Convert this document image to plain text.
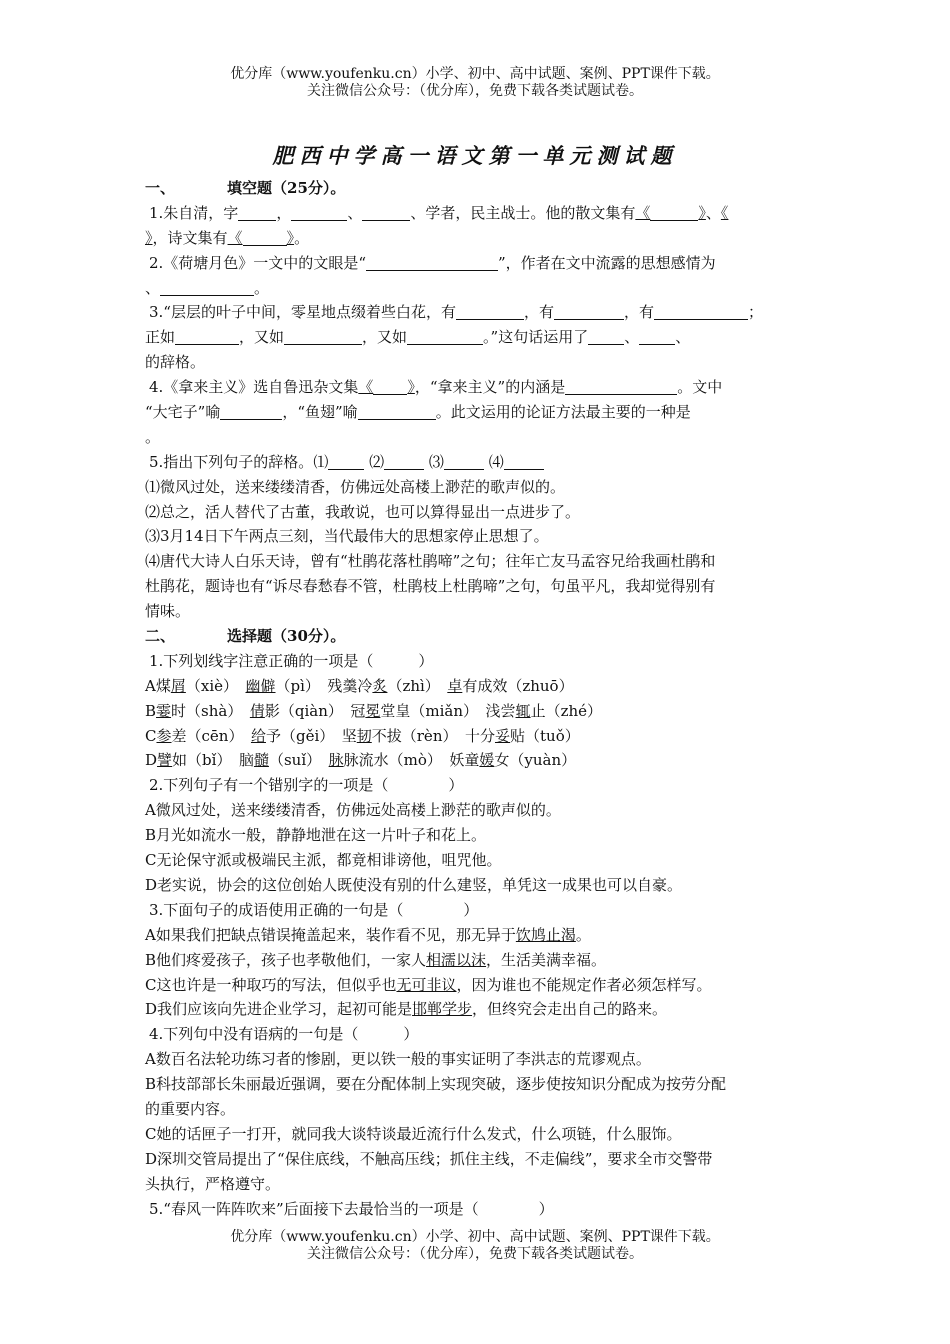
优分库（www.youfenku.cn）小学、初中、高中试题、案例、PPT课件下载。
关注微信公众号：（优分库），免费下载各类试题试卷。
肥西中学高一语文第一单元测试题
一、	填空题（25分）。
1.朱自清，字	，	、	、学者，民主战士。他的散文集有《	》、《
》，诗文集有《	》。
2.《荷塘月色》一文中的文眼是“	”，作者在文中流露的思想感情为
、	。
3.“层层的叶子中间，零星地点缀着些白花，有	，有	，有	；
正如	，又如	，又如	。”这句话运用了 、 、
的辞格。
4.《拿来主义》选自鲁迅杂文集《 》，“拿来主义”的内涵是	。文中
“大宅子”喻	，“鱼翅”喻	。此文运用的论证方法最主要的一种是
。
5.指出下列句子的辞格。⑴	⑵	⑶	⑷
⑴微风过处，送来缕缕清香，仿佛远处高楼上渺茫的歌声似的。
⑵总之，活人替代了古董，我敢说，也可以算得显出一点进步了。
⑶3月14日下午两点三刻，当代最伟大的思想家停止思想了。
⑷唐代大诗人白乐天诗，曾有“杜鹃花落杜鹃啼”之句；往年亡友马孟容兄给我画杜鹃和
杜鹃花，题诗也有“诉尽春愁春不管，杜鹃枝上杜鹃啼”之句，句虽平凡，我却觉得别有
情味。
二、	选择题（30分）。
1.下列划线字注意正确的一项是（　　　）
A煤屑（xiè）　幽僻（pì）　残羹冷炙（zhì）　卓有成效（zhuō）
B霎时（shà）　倩影（qiàn）　冠冕堂皇（miǎn）　浅尝辄止（zhé）
C参差（cēn）　给予（gěi）　坚韧不拔（rèn）　十分妥贴（tuǒ）
D譬如（bǐ）　脑髓（suǐ）　脉脉流水（mò）　妖童媛女（yuàn）
2.下列句子有一个错别字的一项是（　　　　）
A微风过处，送来缕缕清香，仿佛远处高楼上渺茫的歌声似的。
B月光如流水一般，静静地泄在这一片叶子和花上。
C无论保守派或极端民主派，都竟相诽谤他，咀咒他。
D老实说，协会的这位创始人既使没有别的什么建竖，单凭这一成果也可以自豪。
3.下面句子的成语使用正确的一句是（　　　　）
A如果我们把缺点错误掩盖起来，装作看不见，那无异于饮鸠止渴。
B他们疼爱孩子，孩子也孝敬他们，一家人相濡以沫，生活美满幸福。
C这也许是一种取巧的写法，但似乎也无可非议，因为谁也不能规定作者必须怎样写。
D我们应该向先进企业学习，起初可能是邯郸学步，但终究会走出自己的路来。
4.下列句中没有语病的一句是（　　　）
A数百名法轮功练习者的惨剧，更以铁一般的事实证明了李洪志的荒谬观点。
B科技部部长朱丽最近强调，要在分配体制上实现突破，逐步使按知识分配成为按劳分配
的重要内容。
C她的话匣子一打开，就同我大谈特谈最近流行什么发式，什么项链，什么服饰。
D深圳交管局提出了“保住底线，不触高压线；抓住主线，不走偏线”，要求全市交警带
头执行，严格遵守。
5.“春风一阵阵吹来”后面接下去最恰当的一项是（　　　　）
优分库（www.youfenku.cn）小学、初中、高中试题、案例、PPT课件下载。
关注微信公众号：（优分库），免费下载各类试题试卷。
